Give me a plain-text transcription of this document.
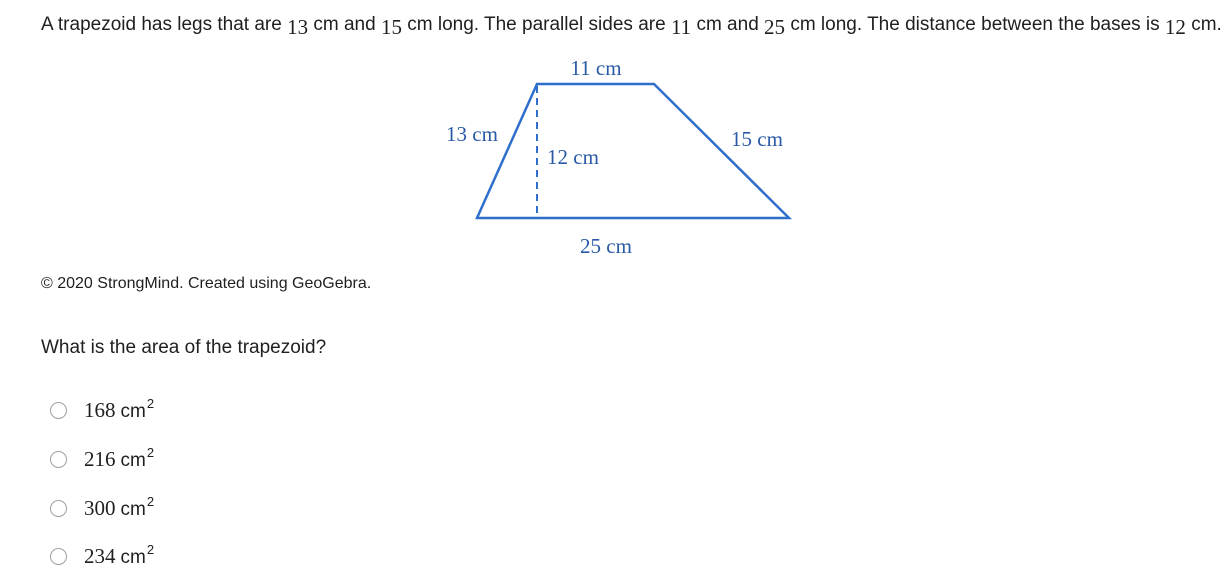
A trapezoid has legs that are 13 cm and 15 cm long. The parallel sides are 11 cm and 25 cm long. The distance between the bases is 12 cm.
11 cm
13 cm
12 cm
15 cm
25 cm
© 2020 StrongMind. Created using GeoGebra.
What is the area of the trapezoid?
168 cm 2
216 cm 2
300 cm 2
234 cm 2
